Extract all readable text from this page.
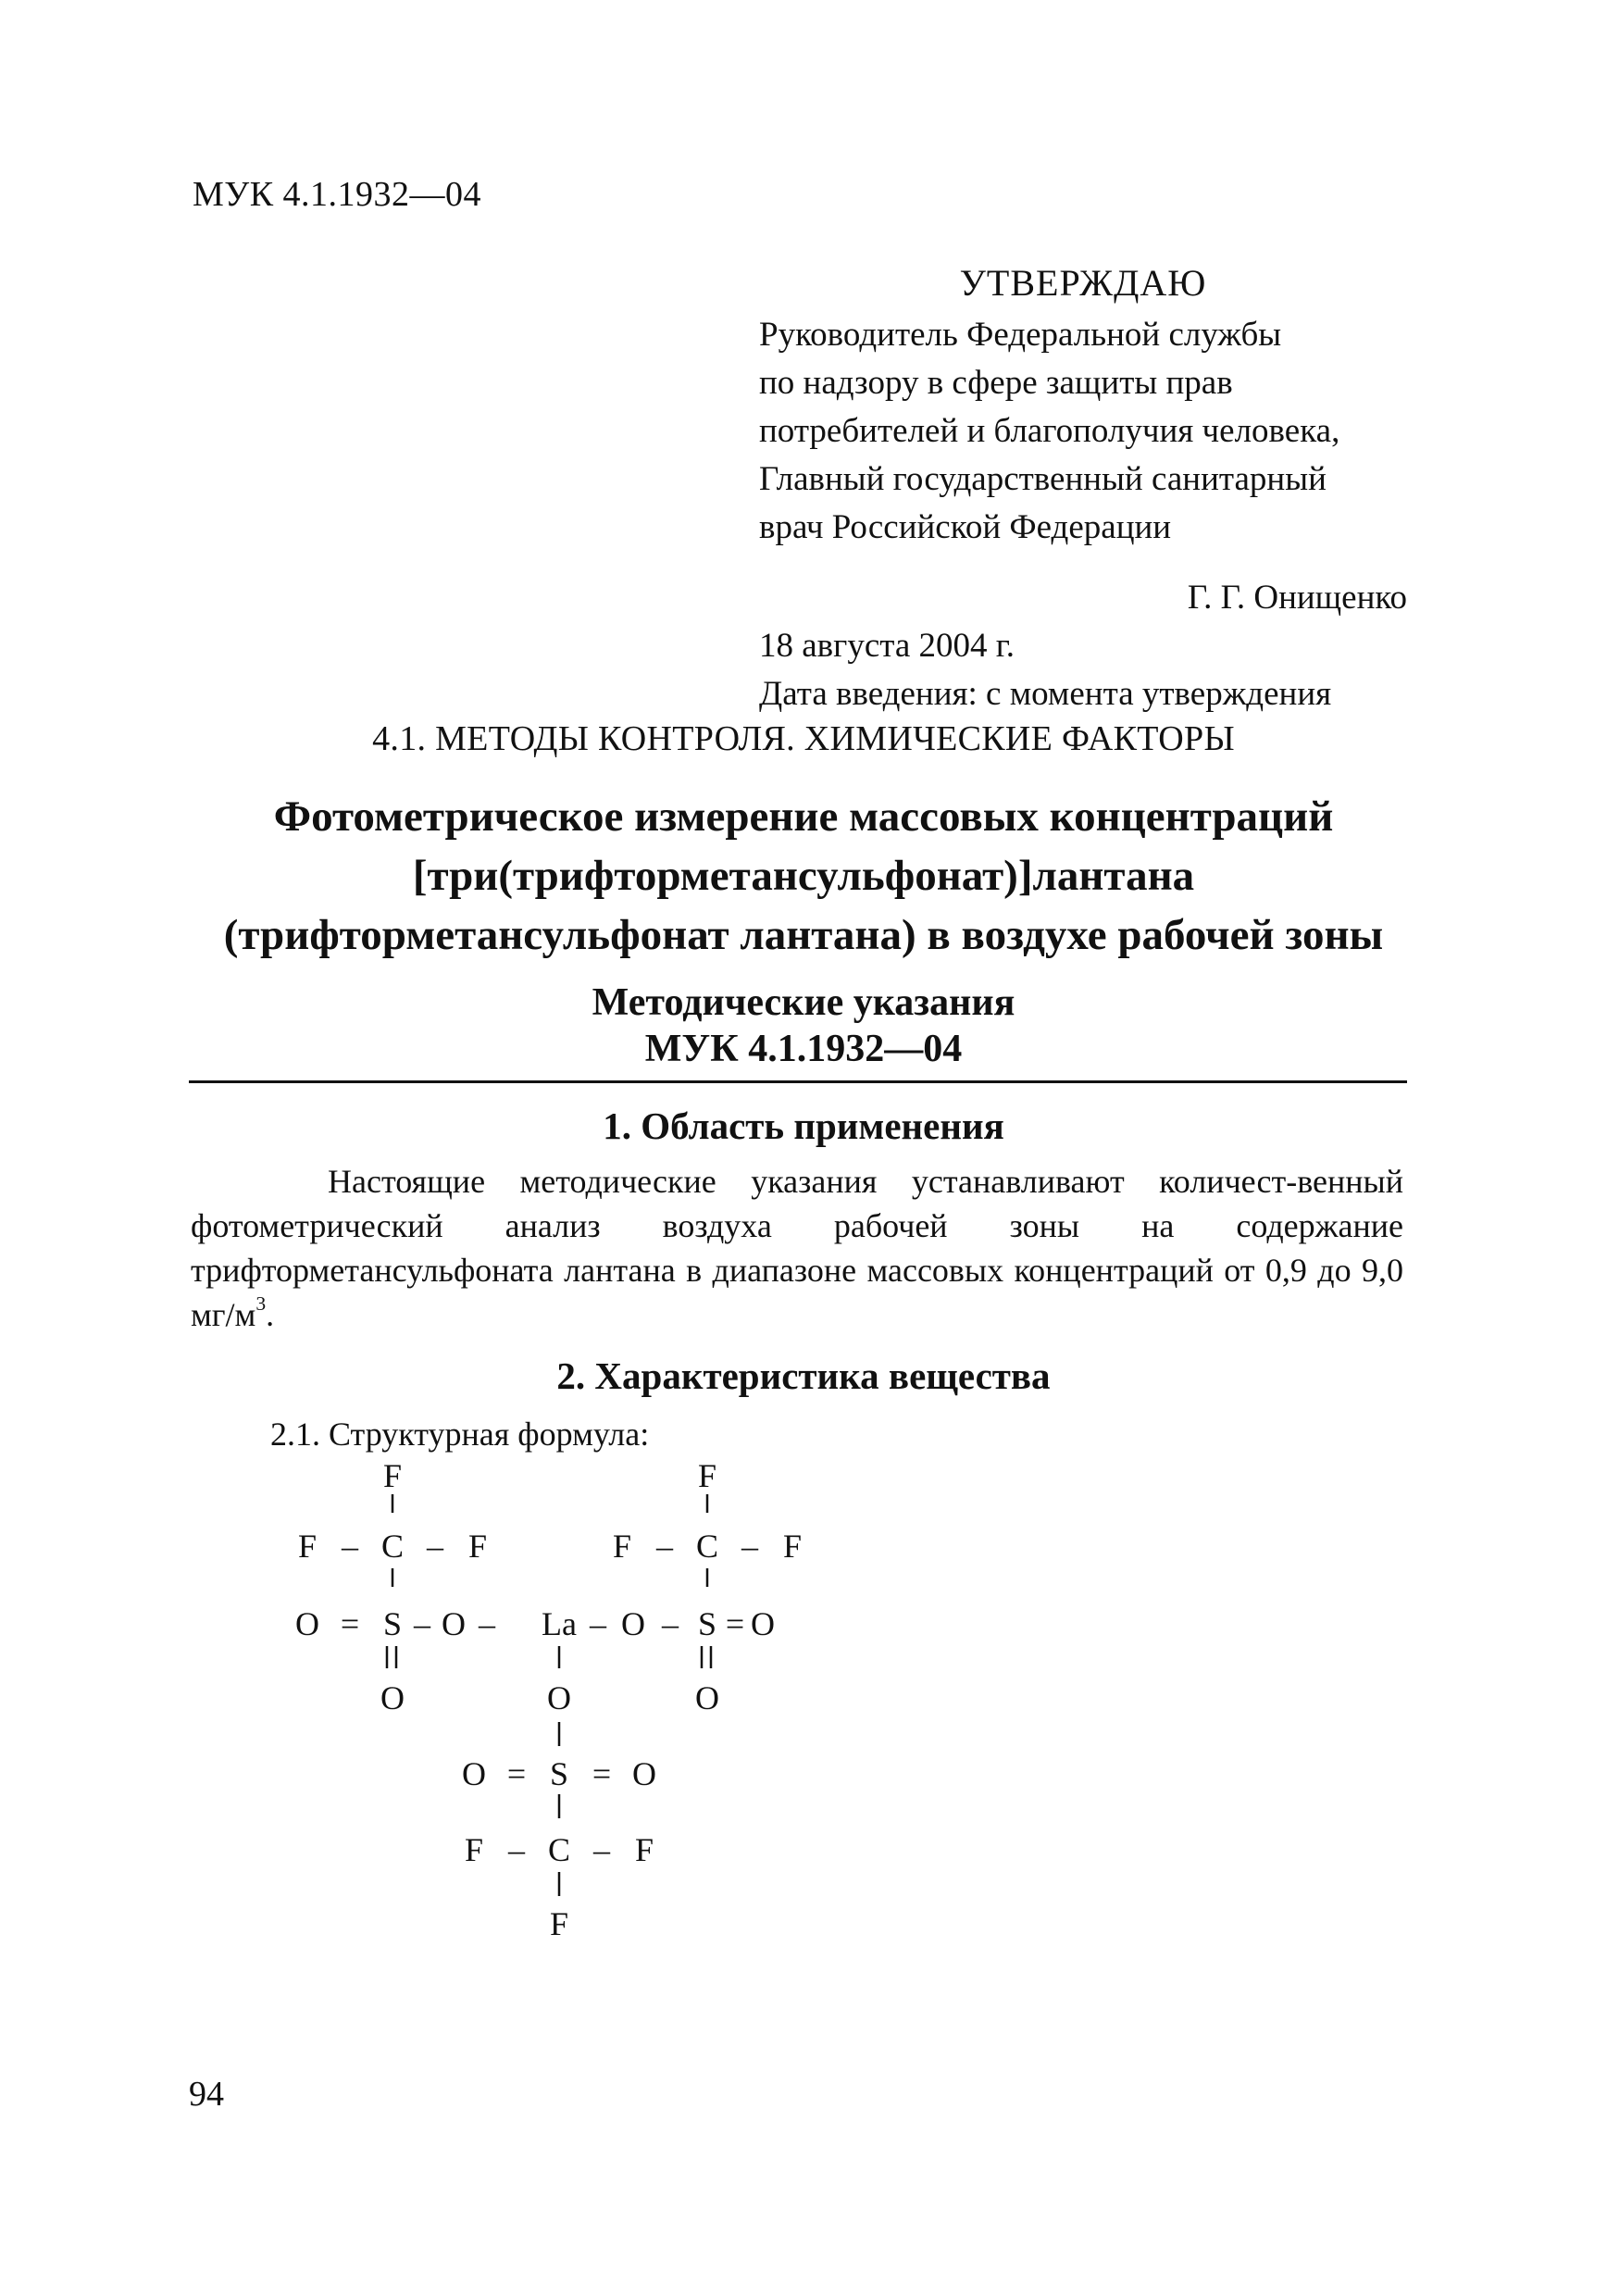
МУК 4.1.1932—04
УТВЕРЖДАЮ
Руководитель Федеральной службы
по надзору в сфере защиты прав
потребителей и благополучия человека,
Главный государственный санитарный
врач Российской Федерации
Г. Г. Онищенко
18 августа 2004 г.
Дата введения: с момента утверждения
4.1. МЕТОДЫ КОНТРОЛЯ. ХИМИЧЕСКИЕ ФАКТОРЫ
Фотометрическое измерение массовых концентраций
[три(трифторметансульфонат)]лантана
(трифторметансульфонат лантана) в воздухе рабочей зоны
Методические указания
МУК 4.1.1932—04
1. Область применения

Настоящие методические указания устанавливают количест-венный фотометрический анализ воздуха рабочей зоны на содержание трифторметансульфоната лантана в диапазоне массовых концентраций от 0,9 до 9,0 $мг/м^3$.

2. Характеристика вещества
2.1. Структурная формула:
F	F
F – C – F	F – C – F
O = S – O – La – O – S = O
O	O	O
O = S = O
F – C – F
F
94
